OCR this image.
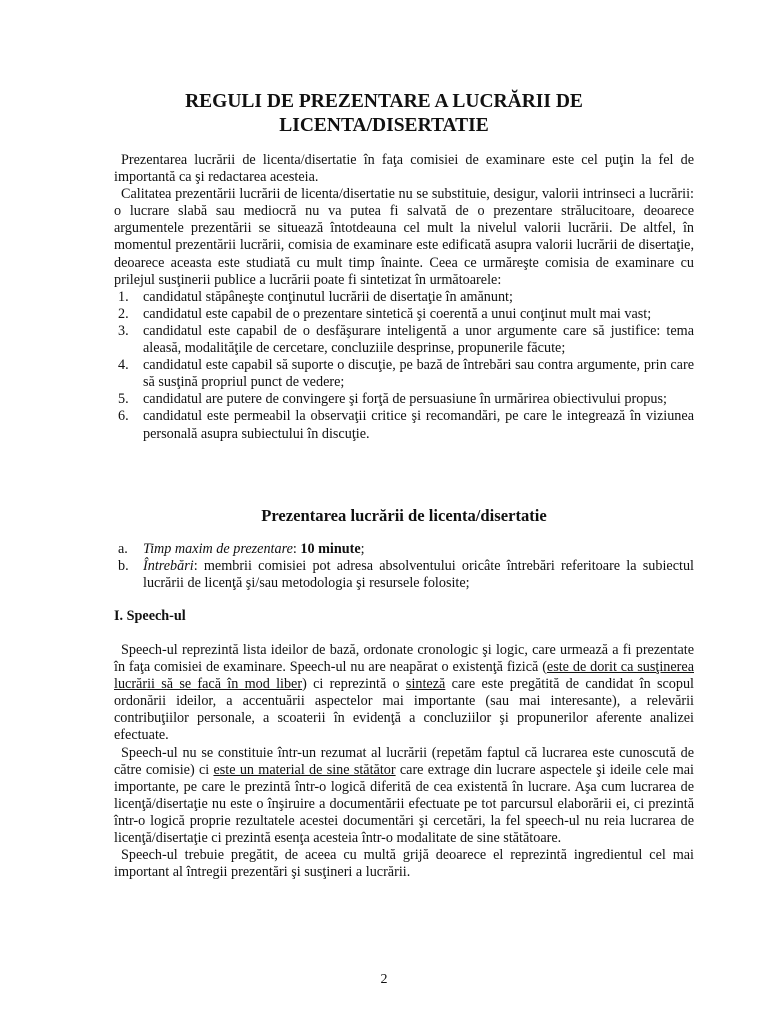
REGULI DE PREZENTARE A LUCRĂRII DE
LICENTA/DISERTATIE

Prezentarea lucrării de licenta/disertatie în faţa comisiei de examinare este cel puţin la fel de importantă ca şi redactarea acesteia.

Calitatea prezentării lucrării de licenta/disertatie nu se substituie, desigur, valorii intrinseci a lucrării: o lucrare slabă sau mediocră nu va putea fi salvată de o prezentare strălucitoare, deoarece argumentele prezentării se situează întotdeauna cel mult la nivelul valorii lucrării. De altfel, în momentul prezentării lucrării, comisia de examinare este edificată asupra valorii lucrării de disertaţie, deoarece aceasta este studiată cu mult timp înainte. Ceea ce urmăreşte comisia de examinare cu prilejul susţinerii publice a lucrării poate fi sintetizat în următoarele:

1. candidatul stăpâneşte conţinutul lucrării de disertaţie în amănunt;
2. candidatul este capabil de o prezentare sintetică şi coerentă a unui conţinut mult mai vast;
3. candidatul este capabil de o desfăşurare inteligentă a unor argumente care să justifice: tema aleasă, modalităţile de cercetare, concluziile desprinse, propunerile făcute;
4. candidatul este capabil să suporte o discuţie, pe bază de întrebări sau contra argumente, prin care să susţină propriul punct de vedere;
5. candidatul are putere de convingere şi forţă de persuasiune în urmărirea obiectivului propus;
6. candidatul este permeabil la observaţii critice şi recomandări, pe care le integrează în viziunea personală asupra subiectului în discuţie.
Prezentarea lucrării de licenta/disertatie
a. Timp maxim de prezentare: 10 minute;
b. Întrebări: membrii comisiei pot adresa absolventului oricâte întrebări referitoare la subiectul lucrării de licenţă şi/sau metodologia şi resursele folosite;
I. Speech-ul

Speech-ul reprezintă lista ideilor de bază, ordonate cronologic şi logic, care urmează a fi prezentate în faţa comisiei de examinare. Speech-ul nu are neapărat o existenţă fizică (este de dorit ca susţinerea lucrării să se facă în mod liber) ci reprezintă o sinteză care este pregătită de candidat în scopul ordonării ideilor, a accentuării aspectelor mai importante (sau mai interesante), a relevării contribuţiilor personale, a scoaterii în evidenţă a concluziilor şi propunerilor aferente analizei efectuate.

Speech-ul nu se constituie într-un rezumat al lucrării (repetăm faptul că lucrarea este cunoscută de către comisie) ci este un material de sine stătător care extrage din lucrare aspectele şi ideile cele mai importante, pe care le prezintă într-o logică diferită de cea existentă în lucrare. Aşa cum lucrarea de licenţă/disertaţie nu este o înşiruire a documentării efectuate pe tot parcursul elaborării ei, ci prezintă într-o logică proprie rezultatele acestei documentări şi cercetări, la fel speech-ul nu reia lucrarea de licenţă/disertaţie ci prezintă esenţa acesteia într-o modalitate de sine stătătoare.

Speech-ul trebuie pregătit, de aceea cu multă grijă deoarece el reprezintă ingredientul cel mai important al întregii prezentări şi susţineri a lucrării.

2
